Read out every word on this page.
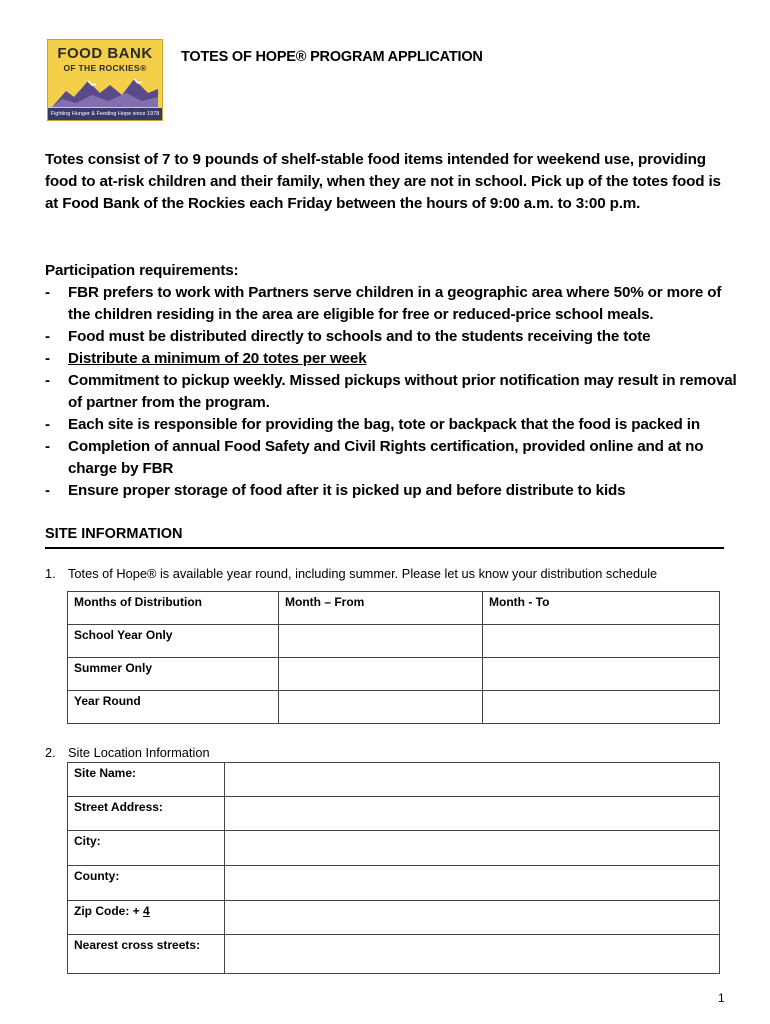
FOOD BANK
OF THE ROCKIES®
Fighting Hunger & Feeding Hope since 1978
TOTES OF HOPE® PROGRAM APPLICATION
Totes consist of 7 to 9 pounds of shelf-stable food items intended for weekend use, providing food to at-risk children and their family, when they are not in school. Pick up of the totes food is at Food Bank of the Rockies each Friday between the hours of 9:00 a.m. to 3:00 p.m.
Participation requirements:
-	FBR prefers to work with Partners serve children in a geographic area where 50% or more of the children residing in the area are eligible for free or reduced-price school meals.
-	Food must be distributed directly to schools and to the students receiving the tote
-	Distribute a minimum of 20 totes per week
-	Commitment to pickup weekly. Missed pickups without prior notification may result in removal of partner from the program.
-	Each site is responsible for providing the bag, tote or backpack that the food is packed in
-	Completion of annual Food Safety and Civil Rights certification, provided online and at no charge by FBR
-	Ensure proper storage of food after it is picked up and before distribute to kids
SITE INFORMATION
1. Totes of Hope® is available year round, including summer. Please let us know your distribution schedule
Months of Distribution	Month – From	Month - To

School Year Only		

Summer Only		

Year Round		

2. Site Location Information
Site Name:	

Street Address:	

City:	

County:	

Zip Code: + 4	

Nearest cross streets:	

1
